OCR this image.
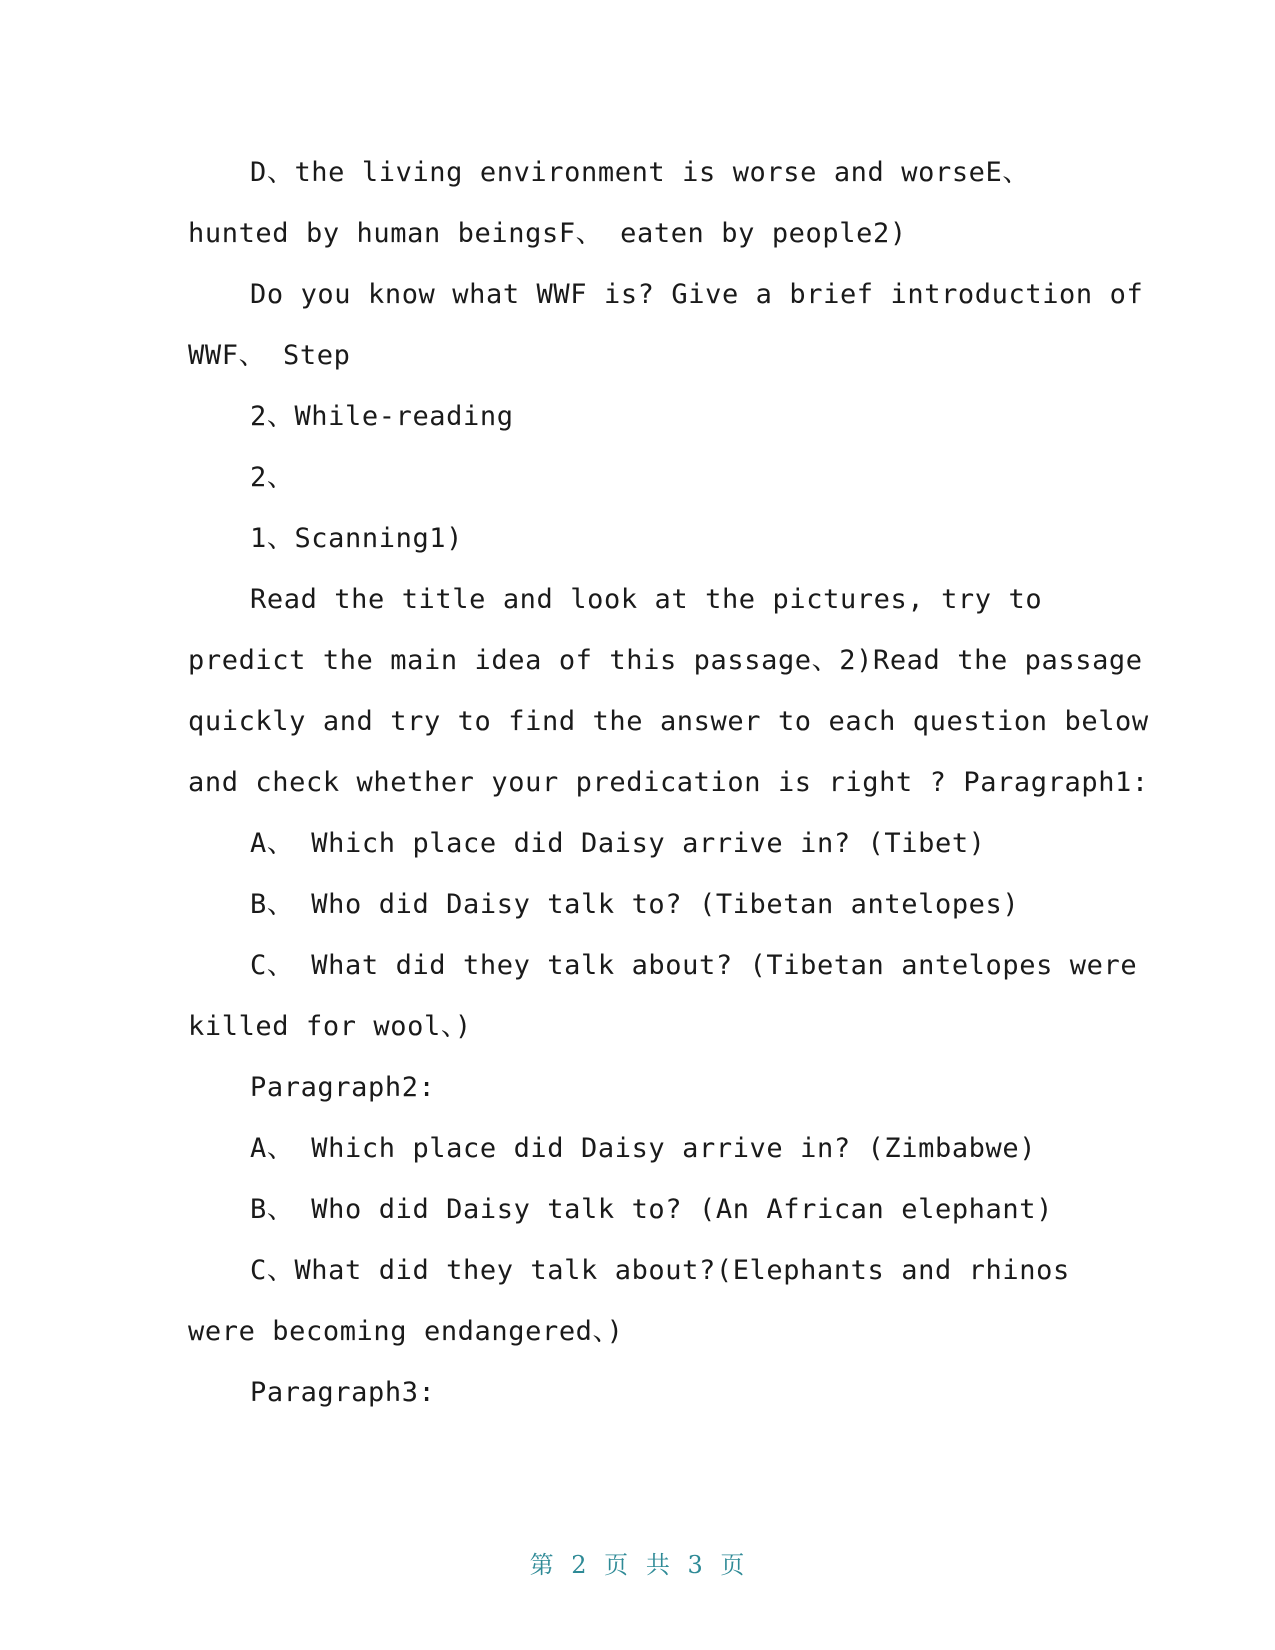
D、the living environment is worse and worseE、
hunted by human beingsF、 eaten by people2)
Do you know what WWF is? Give a brief introduction of
WWF、 Step
2、While-reading
2、
1、Scanning1)
Read the title and look at the pictures, try to
predict the main idea of this passage、2)Read the passage
quickly and try to find the answer to each question below
and check whether your predication is right ? Paragraph1:
A、 Which place did Daisy arrive in? (Tibet)
B、 Who did Daisy talk to? (Tibetan antelopes)
C、 What did they talk about? (Tibetan antelopes were
killed for wool、)
Paragraph2:
A、 Which place did Daisy arrive in? (Zimbabwe)
B、 Who did Daisy talk to? (An African elephant)
C、What did they talk about?(Elephants and rhinos
were becoming endangered、)
Paragraph3:
第 2 页 共 3 页
